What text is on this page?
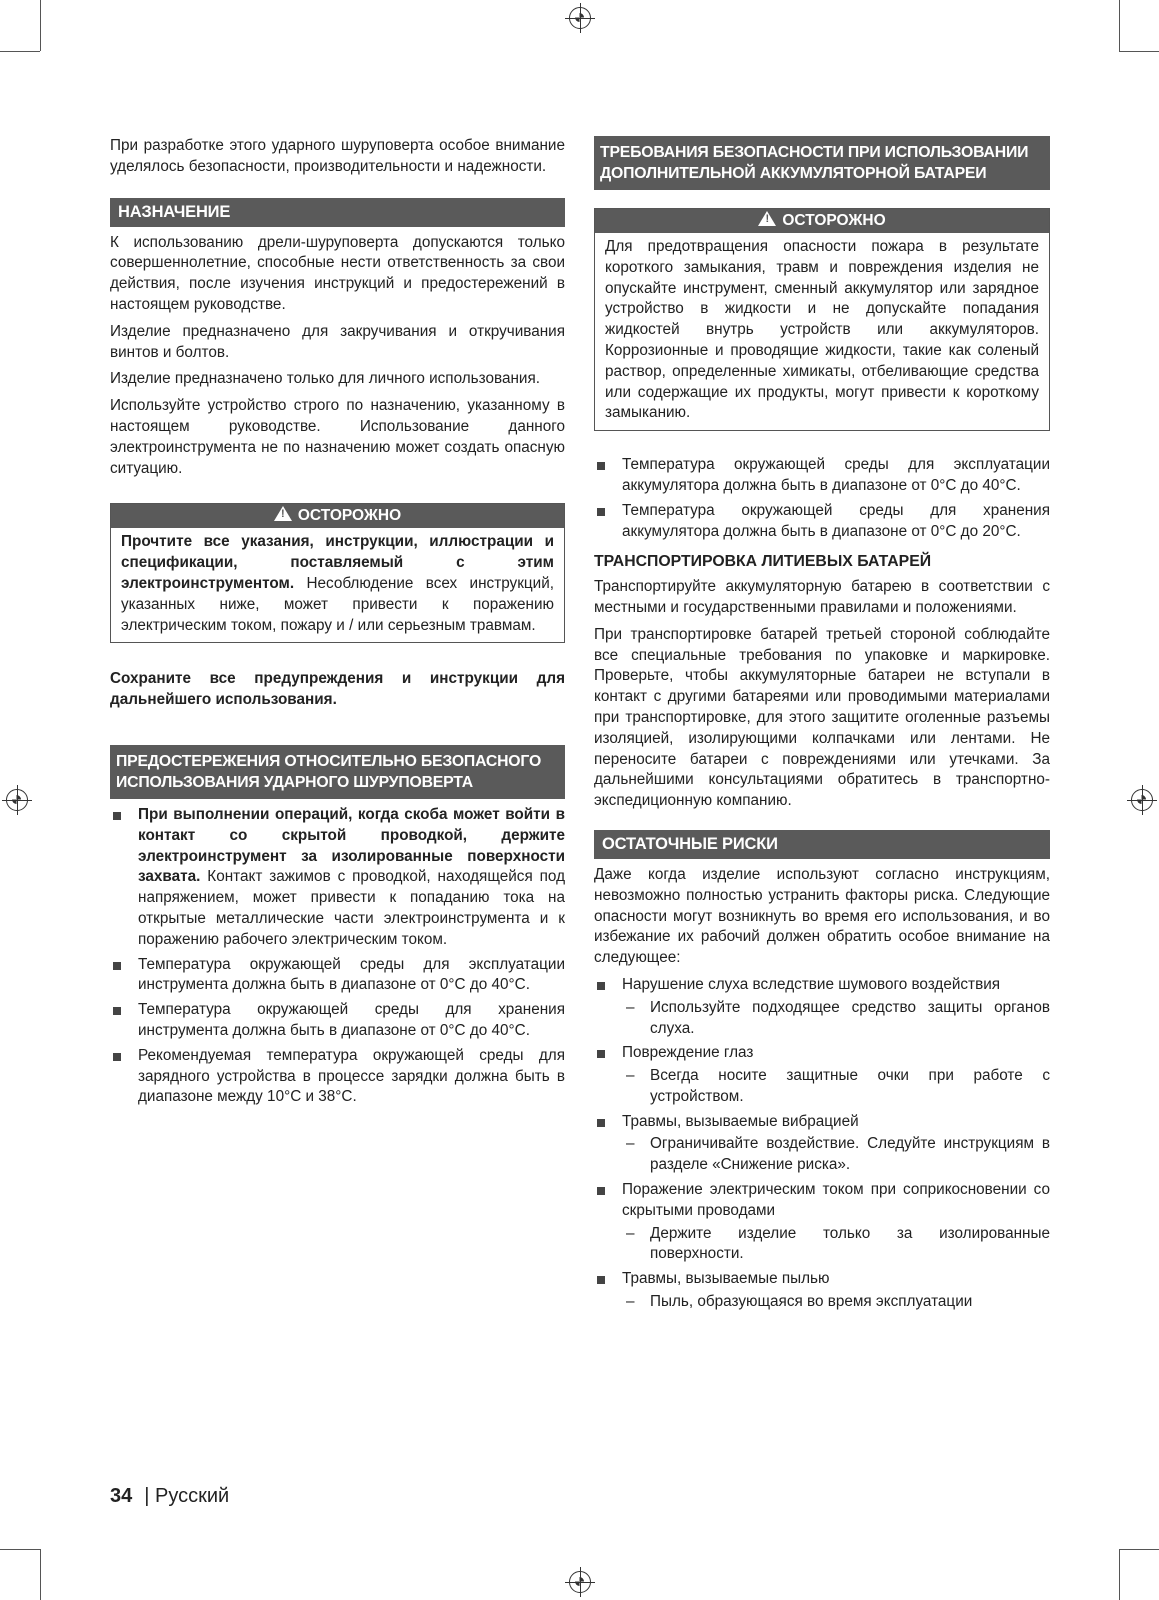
При разработке этого ударного шуруповерта особое внимание уделялось безопасности, производительности и надежности.

НАЗНАЧЕНИЕ

К использованию дрели-шуруповерта допускаются только совершеннолетние, способные нести ответственность за свои действия, после изучения инструкций и предостережений в настоящем руководстве.

Изделие предназначено для закручивания и откручивания винтов и болтов.

Изделие предназначено только для личного использования.

Используйте устройство строго по назначению, указанному в настоящем руководстве. Использование данного электроинструмента не по назначению может создать опасную ситуацию.

! ОСТОРОЖНО

Прочтите все указания, инструкции, иллюстрации и спецификации, поставляемый с этим электроинструментом. Несоблюдение всех инструкций, указанных ниже, может привести к поражению электрическим током, пожару и / или серьезным травмам.

Сохраните все предупреждения и инструкции для дальнейшего использования.

ПРЕДОСТЕРЕЖЕНИЯ ОТНОСИТЕЛЬНО БЕЗОПАСНОГО
ИСПОЛЬЗОВАНИЯ УДАРНОГО ШУРУПОВЕРТА
При выполнении операций, когда скоба может войти в контакт со скрытой проводкой, держите электроинструмент за изолированные поверхности захвата. Контакт зажимов с проводкой, находящейся под напряжением, может привести к попаданию тока на открытые металлические части электроинструмента и к поражению рабочего электрическим током.
Температура окружающей среды для эксплуатации инструмента должна быть в диапазоне от 0°C до 40°C.
Температура окружающей среды для хранения инструмента должна быть в диапазоне от 0°C до 40°C.
Рекомендуемая температура окружающей среды для зарядного устройства в процессе зарядки должна быть в диапазоне между 10°C и 38°C.
ТРЕБОВАНИЯ БЕЗОПАСНОСТИ ПРИ ИСПОЛЬЗОВАНИИ
ДОПОЛНИТЕЛЬНОЙ АККУМУЛЯТОРНОЙ БАТАРЕИ
! ОСТОРОЖНО

Для предотвращения опасности пожара в результате короткого замыкания, травм и повреждения изделия не опускайте инструмент, сменный аккумулятор или зарядное устройство в жидкости и не допускайте попадания жидкостей внутрь устройств или аккумуляторов. Коррозионные и проводящие жидкости, такие как соленый раствор, определенные химикаты, отбеливающие средства или содержащие их продукты, могут привести к короткому замыканию.

Температура окружающей среды для эксплуатации аккумулятора должна быть в диапазоне от 0°C до 40°C.
Температура окружающей среды для хранения аккумулятора должна быть в диапазоне от 0°C до 20°C.
ТРАНСПОРТИРОВКА ЛИТИЕВЫХ БАТАРЕЙ

Транспортируйте аккумуляторную батарею в соответствии с местными и государственными правилами и положениями.

При транспортировке батарей третьей стороной соблюдайте все специальные требования по упаковке и маркировке. Проверьте, чтобы аккумуляторные батареи не вступали в контакт с другими батареями или проводимыми материалами при транспортировке, для этого защитите оголенные разъемы изоляцией, изолирующими колпачками или лентами. Не переносите батареи с повреждениями или утечками. За дальнейшими консультациями обратитесь в транспортно-экспедиционную компанию.

ОСТАТОЧНЫЕ РИСКИ

Даже когда изделие используют согласно инструкциям, невозможно полностью устранить факторы риска. Следующие опасности могут возникнуть во время его использования, и во избежание их рабочий должен обратить особое внимание на следующее:

Нарушение слуха вследствие шумового воздействия
– Используйте подходящее средство защиты органов слуха.
Повреждение глаз
– Всегда носите защитные очки при работе с устройством.
Травмы, вызываемые вибрацией
– Ограничивайте воздействие. Следуйте инструкциям в разделе «Снижение риска».
Поражение электрическим током при соприкосновении со скрытыми проводами
– Держите изделие только за изолированные поверхности.
Травмы, вызываемые пылью
– Пыль, образующаяся во время эксплуатации
34 | Русский
